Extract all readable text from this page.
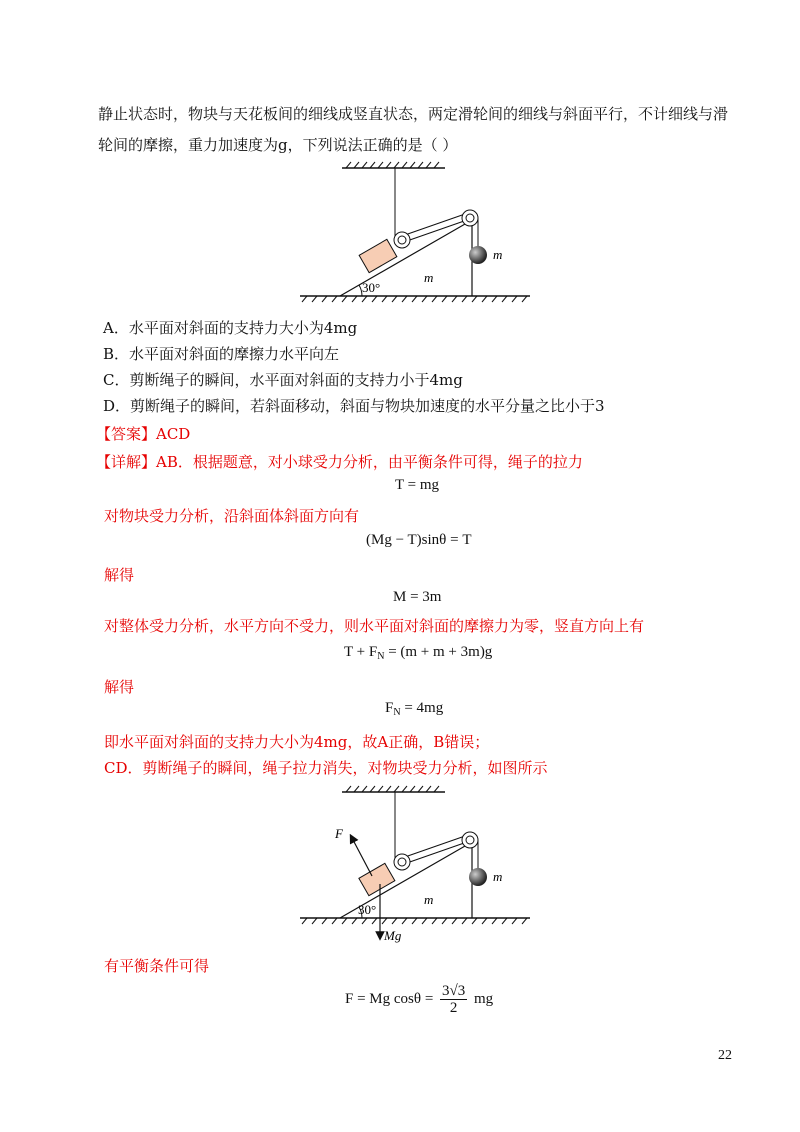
静止状态时，物块与天花板间的细线成竖直状态，两定滑轮间的细线与斜面平行，不计细线与滑
轮间的摩擦，重力加速度为g，下列说法正确的是（ ）
m
m
30°
A．水平面对斜面的支持力大小为4mg
B．水平面对斜面的摩擦力水平向左
C．剪断绳子的瞬间，水平面对斜面的支持力小于4mg
D．剪断绳子的瞬间，若斜面移动，斜面与物块加速度的水平分量之比小于3
【答案】ACD
【详解】AB．根据题意，对小球受力分析，由平衡条件可得，绳子的拉力
T = mg
对物块受力分析，沿斜面体斜面方向有
(Mg − T)sinθ = T
解得
M = 3m
对整体受力分析，水平方向不受力，则水平面对斜面的摩擦力为零，竖直方向上有
$T + F_N = (m + m + 3m)g$
解得
$F_N = 4mg$
即水平面对斜面的支持力大小为4mg，故A正确，B错误；
CD．剪断绳子的瞬间，绳子拉力消失，对物块受力分析，如图所示
m
m
30°
F
Mg
有平衡条件可得
F = Mg $\cos\theta = \frac{3√3}{2}$ mg
22
